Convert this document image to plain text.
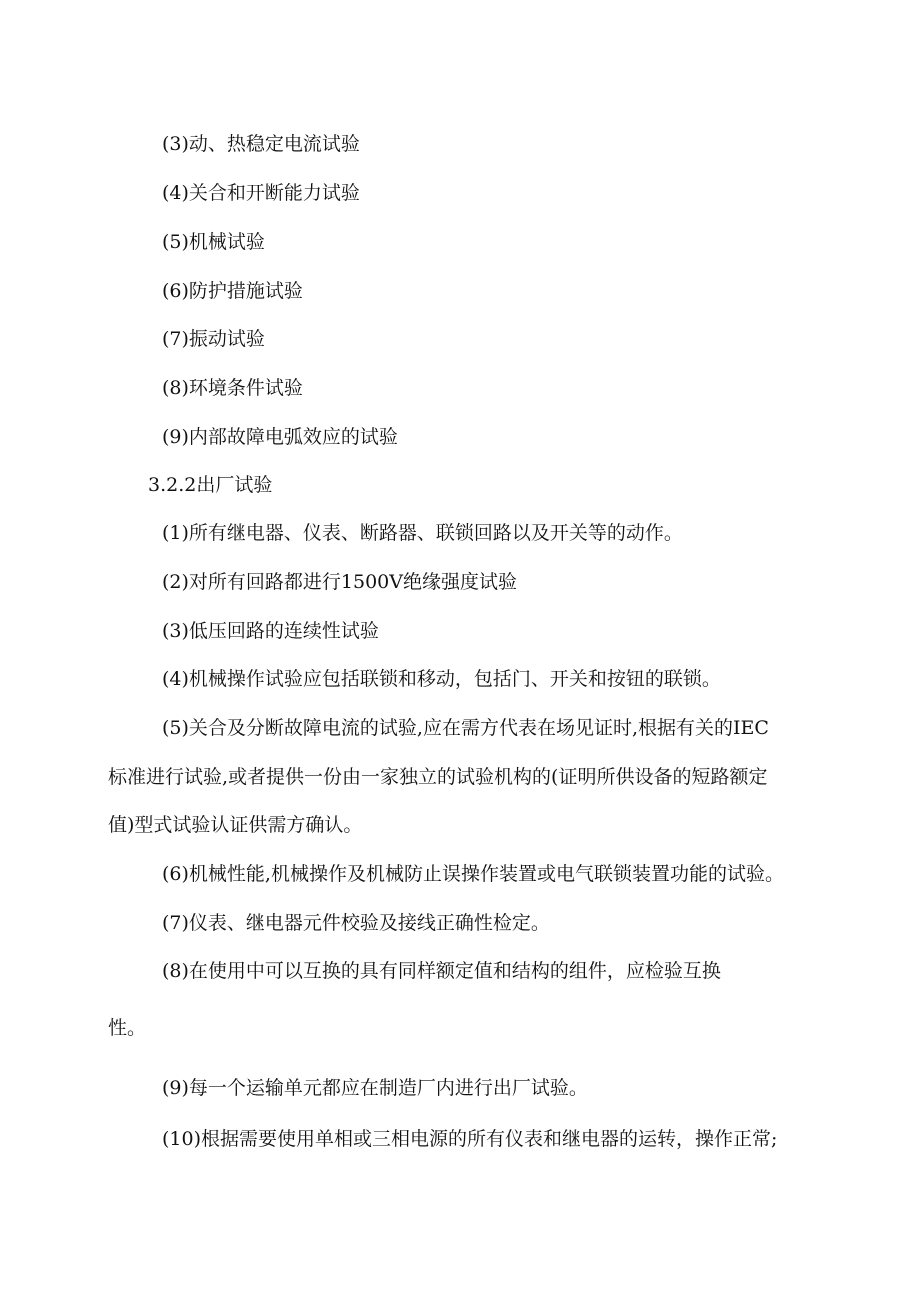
(3)动、热稳定电流试验
(4)关合和开断能力试验
(5)机械试验
(6)防护措施试验
(7)振动试验
(8)环境条件试验
(9)内部故障电弧效应的试验
3.2.2出厂试验
(1)所有继电器、仪表、断路器、联锁回路以及开关等的动作。
(2)对所有回路都进行1500V绝缘强度试验
(3)低压回路的连续性试验
(4)机械操作试验应包括联锁和移动，包括门、开关和按钮的联锁。
(5)关合及分断故障电流的试验,应在需方代表在场见证时,根据有关的IEC
标准进行试验,或者提供一份由一家独立的试验机构的(证明所供设备的短路额定
值)型式试验认证供需方确认。
(6)机械性能,机械操作及机械防止误操作装置或电气联锁装置功能的试验。
(7)仪表、继电器元件校验及接线正确性检定。
(8)在使用中可以互换的具有同样额定值和结构的组件，应检验互换
性。
(9)每一个运输单元都应在制造厂内进行出厂试验。
(10)根据需要使用单相或三相电源的所有仪表和继电器的运转，操作正常;
